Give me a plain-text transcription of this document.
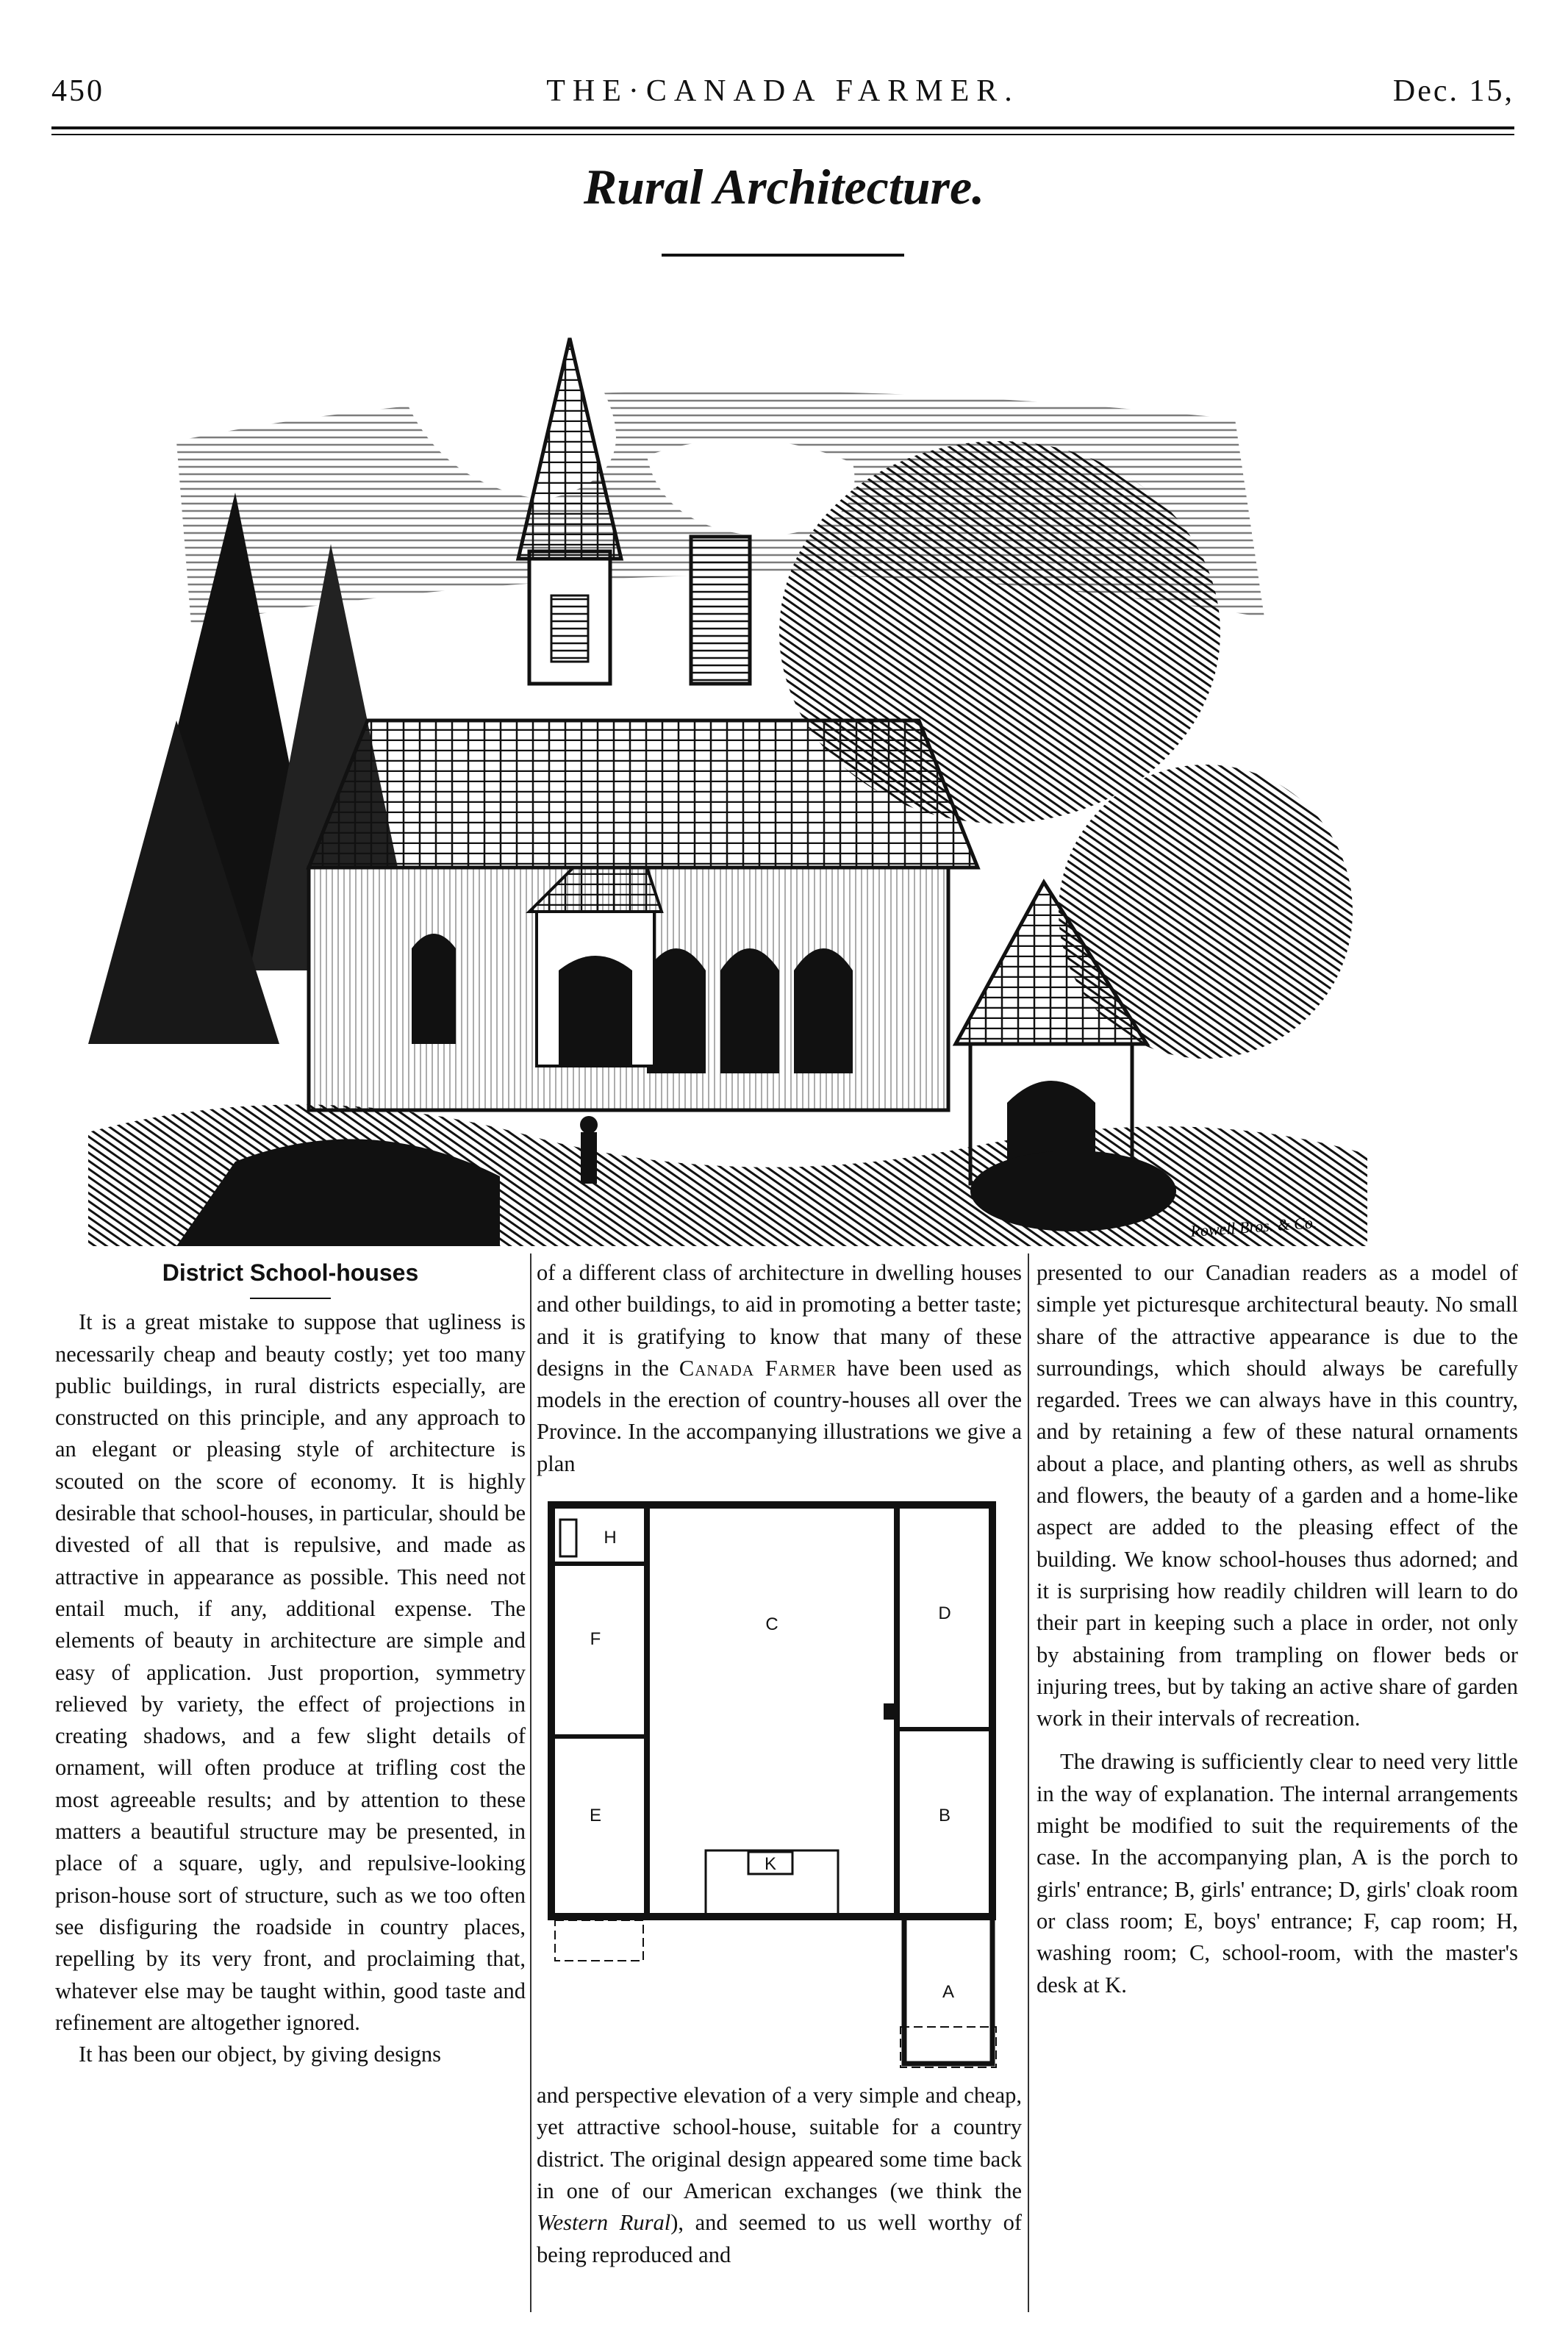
450	THE·CANADA FARMER.	Dec. 15,
Rural Architecture.
Rowell Bros. & Co.
District School-houses

It is a great mistake to suppose that ugliness is necessarily cheap and beauty costly; yet too many public buildings, in rural districts especially, are constructed on this principle, and any approach to an elegant or pleasing style of architecture is scouted on the score of economy. It is highly desirable that school-houses, in particular, should be divested of all that is repulsive, and made as attractive in appearance as possible. This need not entail much, if any, additional expense. The elements of beauty in architecture are simple and easy of application. Just proportion, symmetry relieved by variety, the effect of projections in creating shadows, and a few slight details of ornament, will often produce at trifling cost the most agreeable results; and by attention to these matters a beautiful structure may be presented, in place of a square, ugly, and repulsive-looking prison-house sort of structure, such as we too often see disfiguring the roadside in country places, repelling by its very front, and proclaiming that, whatever else may be taught within, good taste and refinement are altogether ignored.

It has been our object, by giving designs

of a different class of architecture in dwelling houses and other buildings, to aid in promoting a better taste; and it is gratifying to know that many of these designs in the Canada Farmer have been used as models in the erection of country-houses all over the Province. In the accompanying illustrations we give a plan

H
F
C
D
E	B
K
A

and perspective elevation of a very simple and cheap, yet attractive school-house, suitable for a country district. The original design appeared some time back in one of our American exchanges (we think the Western Rural), and seemed to us well worthy of being reproduced and

presented to our Canadian readers as a model of simple yet picturesque architectural beauty. No small share of the attractive appearance is due to the surroundings, which should always be carefully regarded. Trees we can always have in this country, and by retaining a few of these natural ornaments about a place, and planting others, as well as shrubs and flowers, the beauty of a garden and a home-like aspect are added to the pleasing effect of the building. We know school-houses thus adorned; and it is surprising how readily children will learn to do their part in keeping such a place in order, not only by abstaining from trampling on flower beds or injuring trees, but by taking an active share of garden work in their intervals of recreation.

The drawing is sufficiently clear to need very little in the way of explanation. The internal arrangements might be modified to suit the requirements of the case. In the accompanying plan, A is the porch to girls' entrance; B, girls' entrance; D, girls' cloak room or class room; E, boys' entrance; F, cap room; H, washing room; C, school-room, with the master's desk at K.
